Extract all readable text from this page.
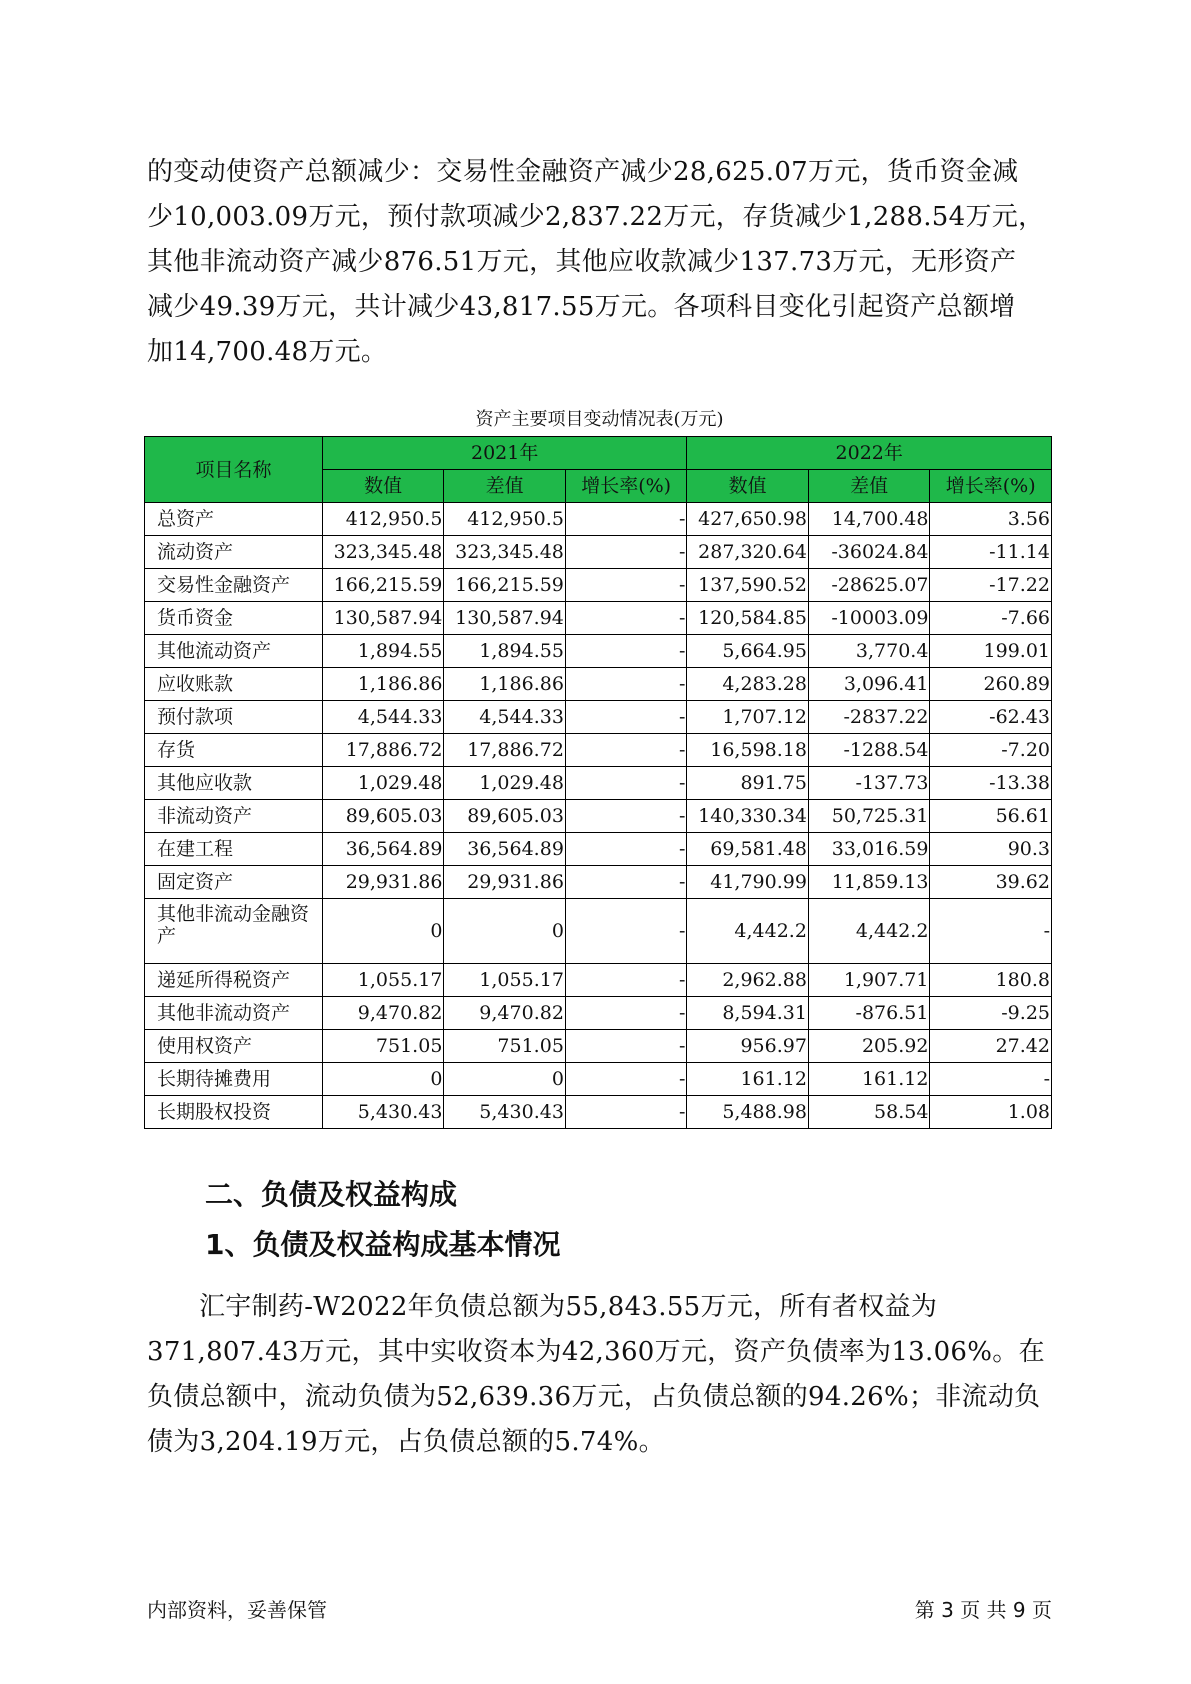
的变动使资产总额减少：交易性金融资产减少28,625.07万元，货币资金减
少10,003.09万元，预付款项减少2,837.22万元，存货减少1,288.54万元，
其他非流动资产减少876.51万元，其他应收款减少137.73万元，无形资产
减少49.39万元，共计减少43,817.55万元。各项科目变化引起资产总额增
加14,700.48万元。
资产主要项目变动情况表(万元)
项目名称	2021年			2022年		
	数值	差值	增长率(%)	数值	差值	增长率(%)
总资产	412,950.5	412,950.5	-	427,650.98	14,700.48	3.56
流动资产	323,345.48	323,345.48	-	287,320.64	-36024.84	-11.14
交易性金融资产	166,215.59	166,215.59	-	137,590.52	-28625.07	-17.22
货币资金	130,587.94	130,587.94	-	120,584.85	-10003.09	-7.66
其他流动资产	1,894.55	1,894.55	-	5,664.95	3,770.4	199.01
应收账款	1,186.86	1,186.86	-	4,283.28	3,096.41	260.89
预付款项	4,544.33	4,544.33	-	1,707.12	-2837.22	-62.43
存货	17,886.72	17,886.72	-	16,598.18	-1288.54	-7.20
其他应收款	1,029.48	1,029.48	-	891.75	-137.73	-13.38
非流动资产	89,605.03	89,605.03	-	140,330.34	50,725.31	56.61
在建工程	36,564.89	36,564.89	-	69,581.48	33,016.59	90.3
固定资产	29,931.86	29,931.86	-	41,790.99	11,859.13	39.62
其他非流动金融资产	0	0	-	4,442.2	4,442.2	-
递延所得税资产	1,055.17	1,055.17	-	2,962.88	1,907.71	180.8
其他非流动资产	9,470.82	9,470.82	-	8,594.31	-876.51	-9.25
使用权资产	751.05	751.05	-	956.97	205.92	27.42
长期待摊费用	0	0	-	161.12	161.12	-
长期股权投资	5,430.43	5,430.43	-	5,488.98	58.54	1.08
二、负债及权益构成
1、负债及权益构成基本情况
汇宇制药-W2022年负债总额为55,843.55万元，所有者权益为
371,807.43万元，其中实收资本为42,360万元，资产负债率为13.06%。在
负债总额中，流动负债为52,639.36万元，占负债总额的94.26%；非流动负
债为3,204.19万元，占负债总额的5.74%。
内部资料，妥善保管	第 3 页 共 9 页
